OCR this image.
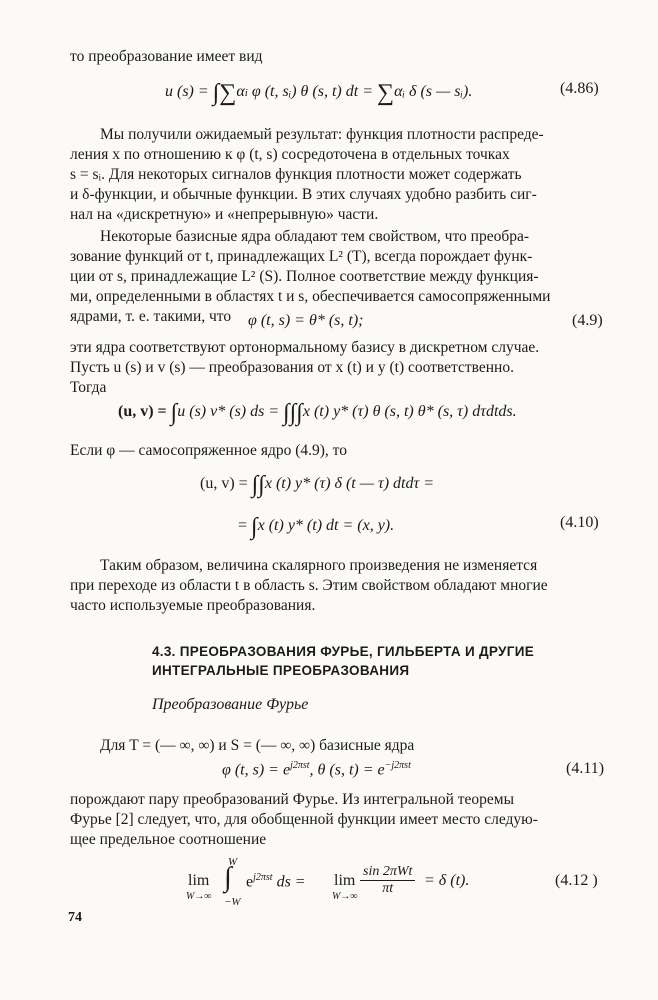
то преобразование имеет вид
u (s) = ∫∑αi φ (t, sᵢ) θ (s, t) dt = ∑αᵢ δ (s — sᵢ).	(4.86)
Мы получили ожидаемый результат: функция плотности распреде-
ления x по отношению к φ (t, s) сосредоточена в отдельных точках
s = sᵢ. Для некоторых сигналов функция плотности может содержать
и δ-функции, и обычные функции. В этих случаях удобно разбить сиг-
нал на «дискретную» и «непрерывную» части.
Некоторые базисные ядра обладают тем свойством, что преобра-
зование функций от t, принадлежащих L² (T), всегда порождает функ-
ции от s, принадлежащие L² (S). Полное соответствие между функция-
ми, определенными в областях t и s, обеспечивается самосопряженными
ядрами, т. е. такими, что	φ (t, s) = θ* (s, t);	(4.9)
эти ядра соответствуют ортонормальному базису в дискретном случае.
Пусть u (s) и v (s) — преобразования от x (t) и y (t) соответственно.
Тогда
(u, v) = ∫u (s) v* (s) ds = ∫∫∫x (t) y* (τ) θ (s, t) θ* (s, τ) dτdtds.
Если φ — самосопряженное ядро (4.9), то
(u, v) = ∫∫x (t) y* (τ) δ (t — τ) dtdτ =
= ∫x (t) y* (t) dt = (x, y).	(4.10)
Таким образом, величина скалярного произведения не изменяется
при переходе из области t в область s. Этим свойством обладают многие
часто используемые преобразования.
4.3. ПРЕОБРАЗОВАНИЯ ФУРЬЕ, ГИЛЬБЕРТА И ДРУГИЕ
ИНТЕГРАЛЬНЫЕ ПРЕОБРАЗОВАНИЯ
Преобразование Фурье
Для T = (— ∞, ∞) и S = (— ∞, ∞) базисные ядра
φ (t, $s) = e^{j2\pi st}$, θ (s, $t) = e^{-j2\pi st}$	(4.11)
порождают пару преобразований Фурье. Из интегральной теоремы
Фурье [2] следует, что, для обобщенной функции имеет место следую-
щее предельное соотношение
lim
W→∞
W
∫
−W
$e^{j2\pi st}$ ds = lim
W→∞
sin 2πWt
πt	= δ (t).	(4.12 )
74
